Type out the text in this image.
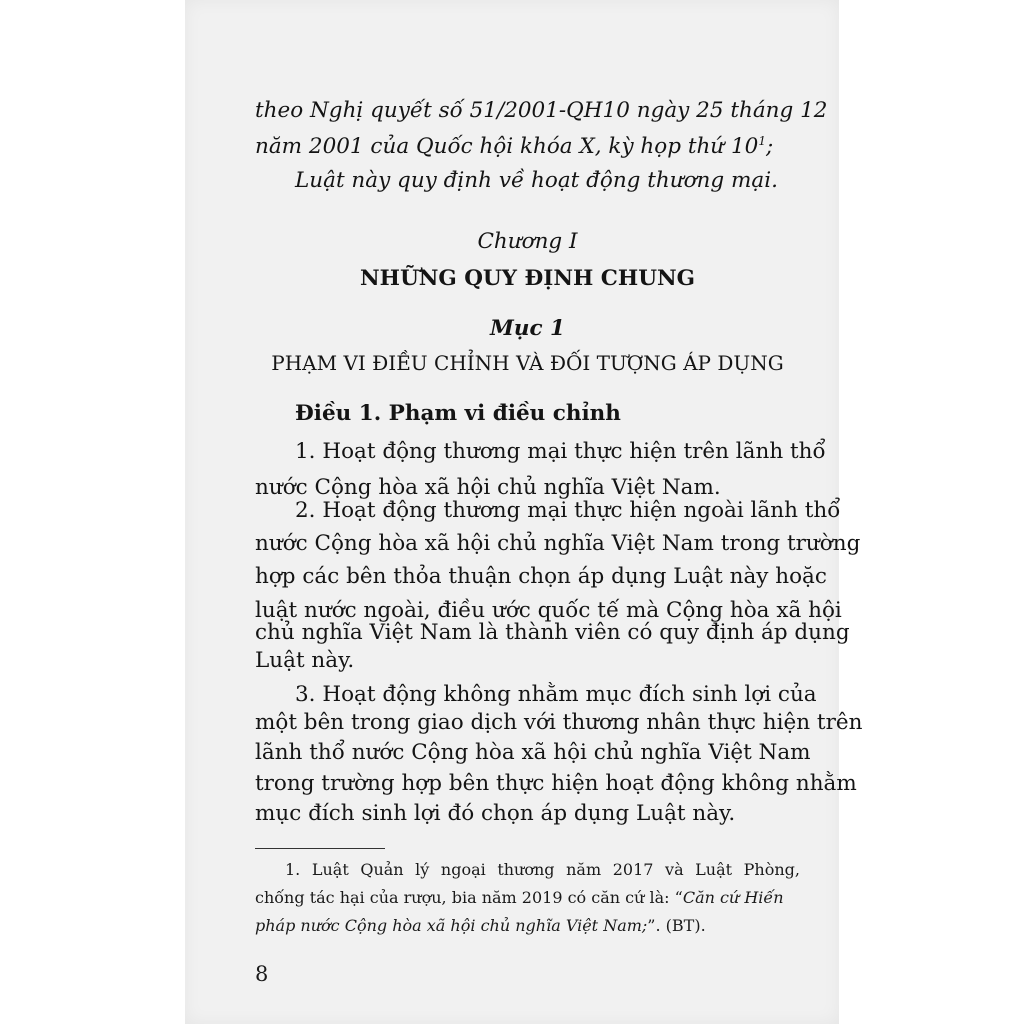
theo Nghị quyết số 51/2001-QH10 ngày 25 tháng 12

năm 2001 của Quốc hội khóa X, kỳ họp thứ $10^1$;

Luật này quy định về hoạt động thương mại.

Chương I

NHỮNG QUY ĐỊNH CHUNG

Mục 1

PHẠM VI ĐIỀU CHỈNH VÀ ĐỐI TƯỢNG ÁP DỤNG

Điều 1. Phạm vi điều chỉnh

1. Hoạt động thương mại thực hiện trên lãnh thổ

nước Cộng hòa xã hội chủ nghĩa Việt Nam.

2. Hoạt động thương mại thực hiện ngoài lãnh thổ

nước Cộng hòa xã hội chủ nghĩa Việt Nam trong trường

hợp các bên thỏa thuận chọn áp dụng Luật này hoặc

luật nước ngoài, điều ước quốc tế mà Cộng hòa xã hội

chủ nghĩa Việt Nam là thành viên có quy định áp dụng

Luật này.

3. Hoạt động không nhằm mục đích sinh lợi của

một bên trong giao dịch với thương nhân thực hiện trên

lãnh thổ nước Cộng hòa xã hội chủ nghĩa Việt Nam

trong trường hợp bên thực hiện hoạt động không nhằm

mục đích sinh lợi đó chọn áp dụng Luật này.

1. Luật Quản lý ngoại thương năm 2017 và Luật Phòng,

chống tác hại của rượu, bia năm 2019 có căn cứ là: “Căn cứ Hiến

pháp nước Cộng hòa xã hội chủ nghĩa Việt Nam;”. (BT).

8
